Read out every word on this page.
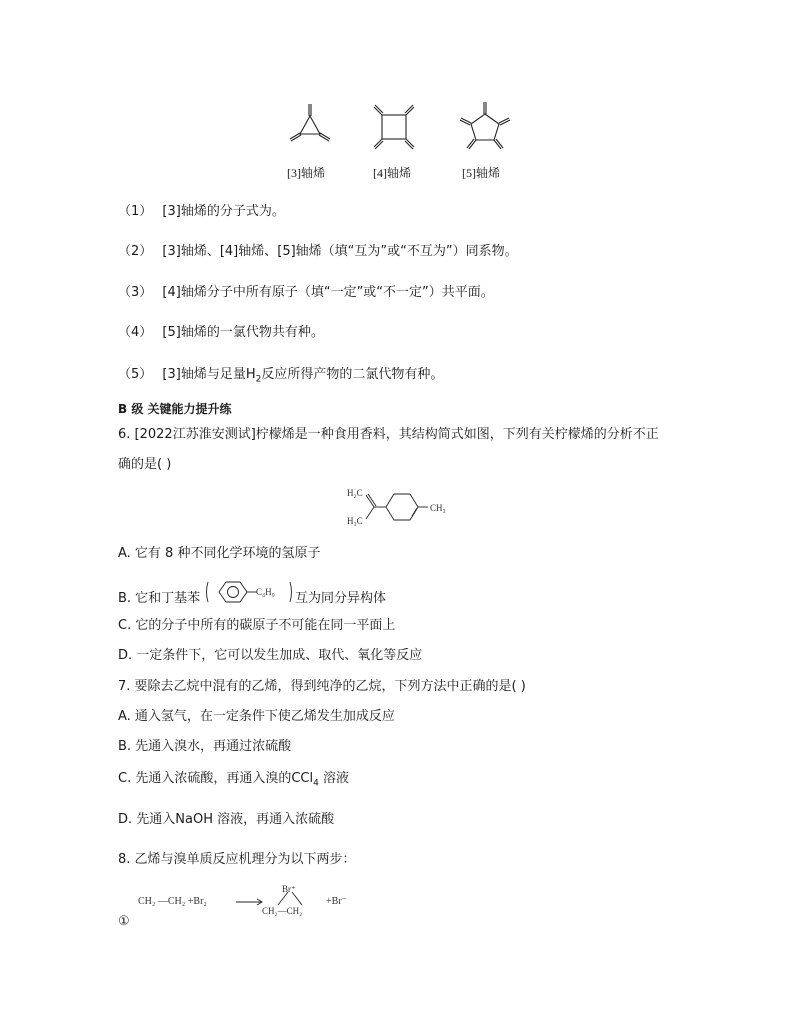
[3]轴烯	[4]轴烯	[5]轴烯
（1） [3]轴烯的分子式为。
（2） [3]轴烯、[4]轴烯、[5]轴烯（填“互为”或“不互为”）同系物。
（3） [4]轴烯分子中所有原子（填“一定”或“不一定”）共平面。
（4） [5]轴烯的一氯代物共有种。
（5） [3]轴烯与足量$H_2$反应所得产物的二氯代物有种。
B 级 关键能力提升练
6. [2022江苏淮安测试]柠檬烯是一种食用香料，其结构简式如图，下列有关柠檬烯的分析不正
确的是( )
H₂C
H₃C
CH₃
A. 它有 8 种不同化学环境的氢原子
B. 它和丁基苯	C₄H₉ 互为同分异构体
C. 它的分子中所有的碳原子不可能在同一平面上
D. 一定条件下，它可以发生加成、取代、氧化等反应
7. 要除去乙烷中混有的乙烯，得到纯净的乙烷，下列方法中正确的是( )
A. 通入氢气，在一定条件下使乙烯发生加成反应
B. 先通入溴水，再通过浓硫酸
C. 先通入浓硫酸，再通入溴的CCl$_4$ 溶液
D. 先通入NaOH 溶液，再通入浓硫酸
8. 乙烯与溴单质反应机理分为以下两步：
CH₂ —CH₂ +Br₂
Br⁺
CH₂—CH₂
+Br⁻
①
